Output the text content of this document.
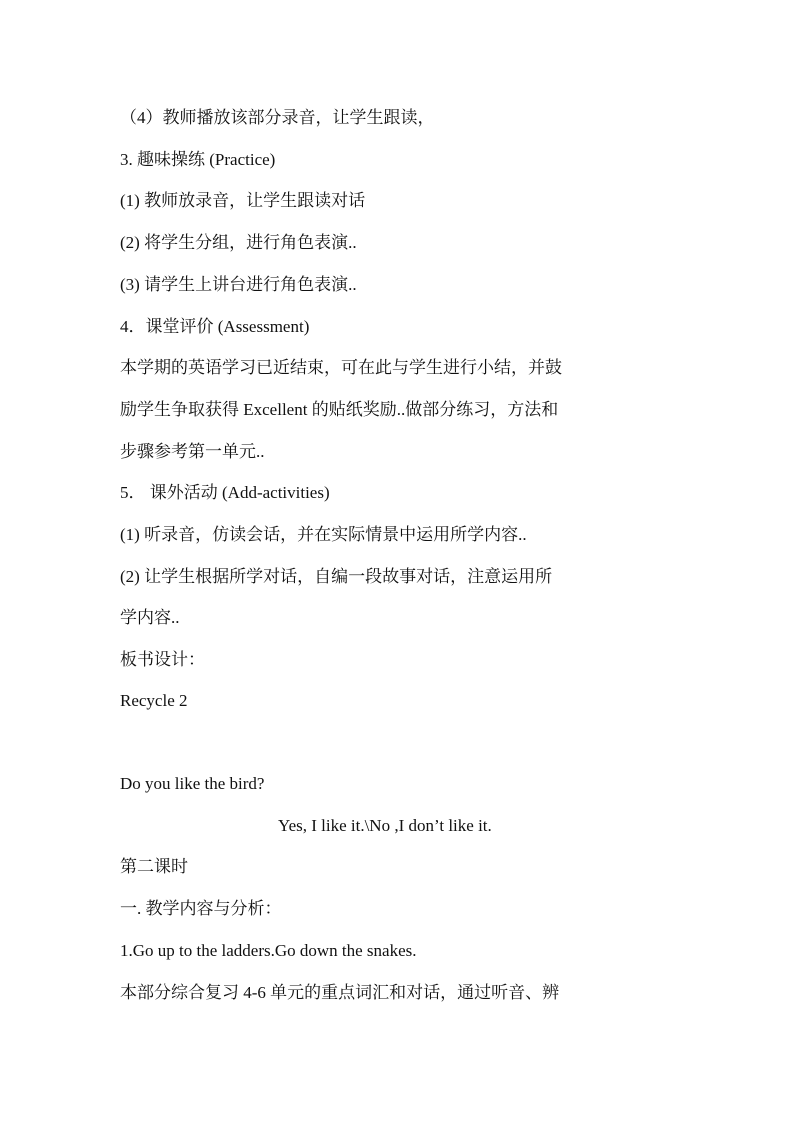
（4）教师播放该部分录音，让学生跟读，
3. 趣味操练 (Practice)
(1) 教师放录音，让学生跟读对话
(2) 将学生分组，进行角色表演..
(3) 请学生上讲台进行角色表演..
4．课堂评价 (Assessment)
本学期的英语学习已近结束，可在此与学生进行小结，并鼓
励学生争取获得 Excellent 的贴纸奖励..做部分练习，方法和
步骤参考第一单元..
5． 课外活动 (Add-activities)
(1) 听录音，仿读会话，并在实际情景中运用所学内容..
(2) 让学生根据所学对话，自编一段故事对话，注意运用所
学内容..
板书设计：
Recycle 2
Do you like the bird?
Yes, I like it.\No ,I don’t like it.
第二课时
一. 教学内容与分析：
1.Go up to the ladders.Go down the snakes.
本部分综合复习 4-6 单元的重点词汇和对话，通过听音、辨
